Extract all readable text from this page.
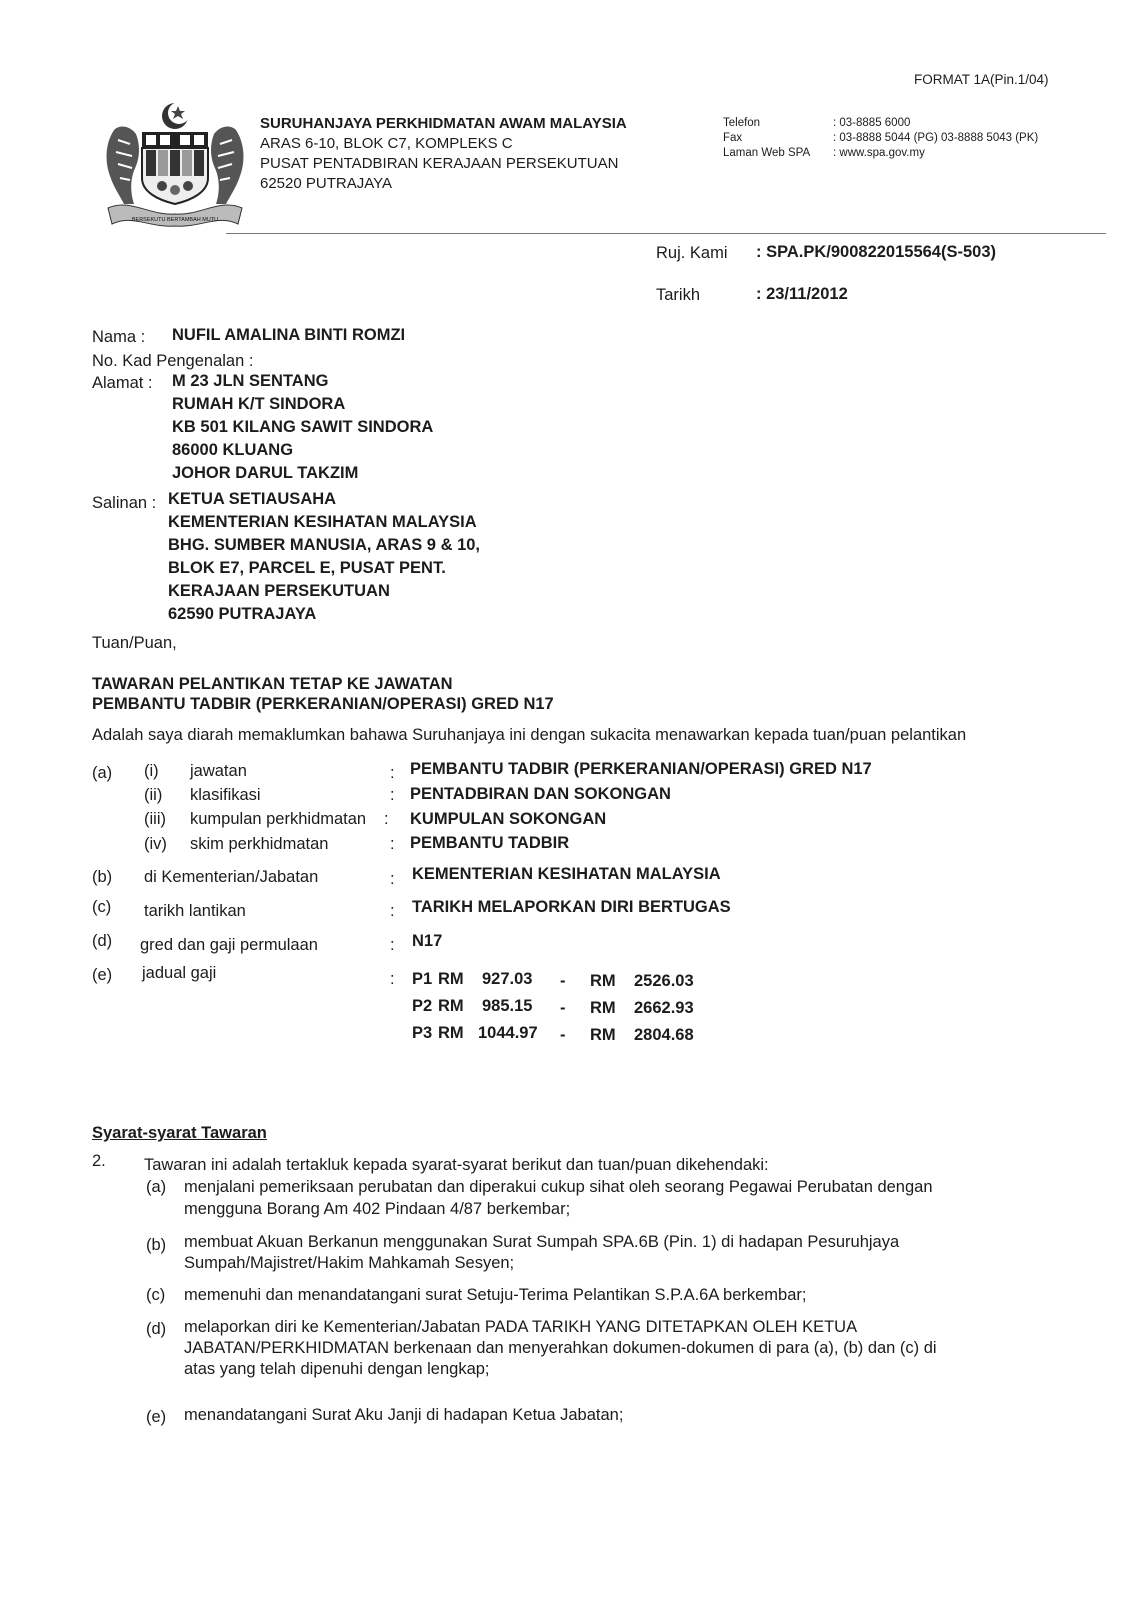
FORMAT 1A(Pin.1/04)
BERSEKUTU BERTAMBAH MUTU
SURUHANJAYA PERKHIDMATAN AWAM MALAYSIA
ARAS 6-10, BLOK C7, KOMPLEKS C
PUSAT PENTADBIRAN KERAJAAN PERSEKUTUAN
62520 PUTRAJAYA
Telefon	: 03-8885 6000
Fax	: 03-8888 5044 (PG) 03-8888 5043 (PK)
Laman Web SPA : www.spa.gov.my
Ruj. Kami : SPA.PK/900822015564(S-503)
Tarikh	: 23/11/2012
Nama : NUFIL AMALINA BINTI ROMZI
No. Kad Pengenalan :
Alamat : M 23 JLN SENTANG
RUMAH K/T SINDORA
KB 501 KILANG SAWIT SINDORA
86000 KLUANG
JOHOR DARUL TAKZIM
Salinan : KETUA SETIAUSAHA
KEMENTERIAN KESIHATAN MALAYSIA
BHG. SUMBER MANUSIA, ARAS 9 & 10,
BLOK E7, PARCEL E, PUSAT PENT.
KERAJAAN PERSEKUTUAN
62590 PUTRAJAYA
Tuan/Puan,
TAWARAN PELANTIKAN TETAP KE JAWATAN
PEMBANTU TADBIR (PERKERANIAN/OPERASI) GRED N17
Adalah saya diarah memaklumkan bahawa Suruhanjaya ini dengan sukacita menawarkan kepada tuan/puan pelantikan
(a) (i) jawatan	: PEMBANTU TADBIR (PERKERANIAN/OPERASI) GRED N17
(ii) klasifikasi	: PENTADBIRAN DAN SOKONGAN
(iii) kumpulan perkhidmatan : KUMPULAN SOKONGAN
(iv) skim perkhidmatan	: PEMBANTU TADBIR
(b) di Kementerian/Jabatan	: KEMENTERIAN KESIHATAN MALAYSIA
(c) tarikh lantikan	: TARIKH MELAPORKAN DIRI BERTUGAS
(d) gred dan gaji permulaan	: N17
(e) jadual gaji	: P1 RM 927.03 - RM 2526.03
P2 RM 985.15 - RM 2662.93
P3 RM 1044.97 - RM 2804.68
Syarat-syarat Tawaran
2. Tawaran ini adalah tertakluk kepada syarat-syarat berikut dan tuan/puan dikehendaki:
(a) menjalani pemeriksaan perubatan dan diperakui cukup sihat oleh seorang Pegawai Perubatan dengan
mengguna Borang Am 402 Pindaan 4/87 berkembar;
(b) membuat Akuan Berkanun menggunakan Surat Sumpah SPA.6B (Pin. 1) di hadapan Pesuruhjaya
Sumpah/Majistret/Hakim Mahkamah Sesyen;
(c) memenuhi dan menandatangani surat Setuju-Terima Pelantikan S.P.A.6A berkembar;
(d) melaporkan diri ke Kementerian/Jabatan PADA TARIKH YANG DITETAPKAN OLEH KETUA
JABATAN/PERKHIDMATAN berkenaan dan menyerahkan dokumen-dokumen di para (a), (b) dan (c) di
atas yang telah dipenuhi dengan lengkap;
(e) menandatangani Surat Aku Janji di hadapan Ketua Jabatan;
